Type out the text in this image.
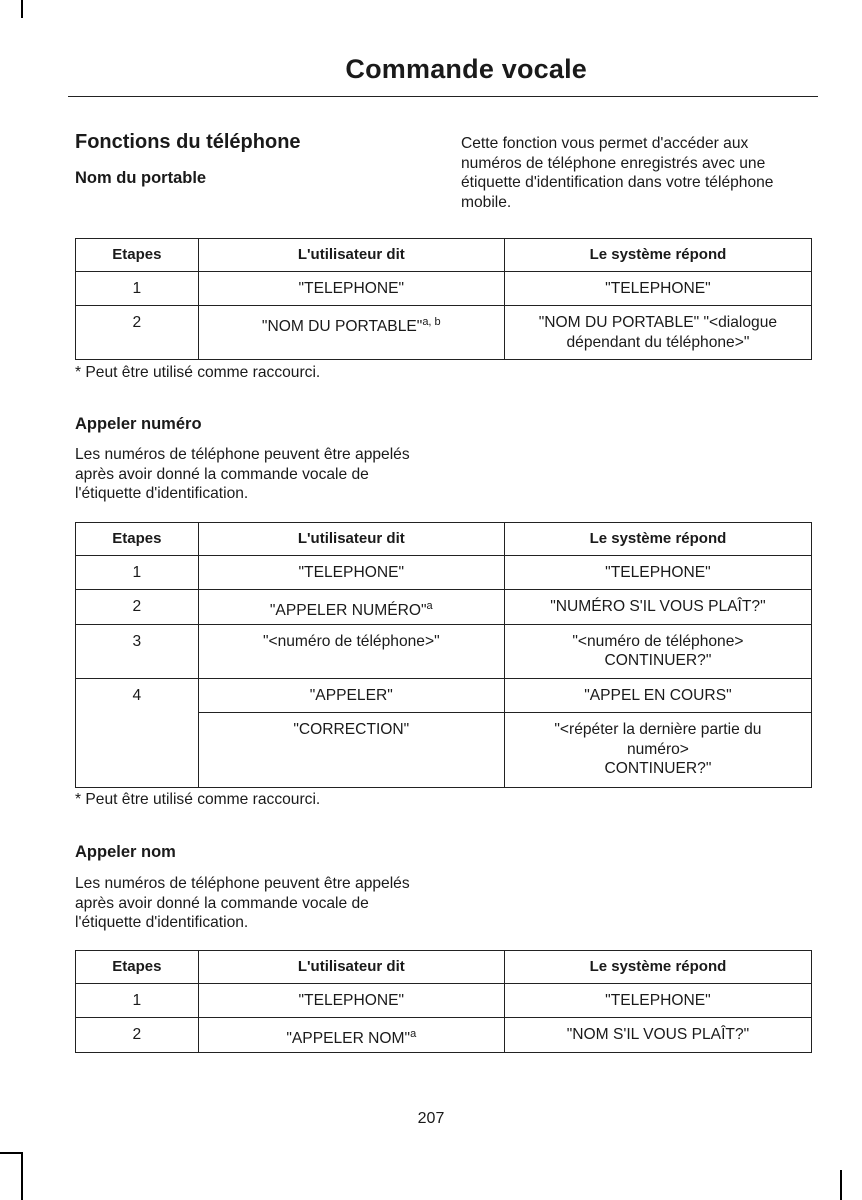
Commande vocale
Fonctions du téléphone	Cette fonction vous permet d'accéder aux numéros de téléphone enregistrés avec une étiquette d'identification dans votre téléphone mobile.
Nom du portable
Etapes	L'utilisateur dit	Le système répond
1	"TELEPHONE"	"TELEPHONE"
2	"NOM DU PORTABLE"$^{a, b}$	"NOM DU PORTABLE" "<dialogue dépendant du téléphone>"
* Peut être utilisé comme raccourci.
Appeler numéro
Les numéros de téléphone peuvent être appelés après avoir donné la commande vocale de l'étiquette d'identification.
Etapes	L'utilisateur dit	Le système répond
1	"TELEPHONE"	"TELEPHONE"
2	"APPELER NUMÉRO"$^a$	"NUMÉRO S'IL VOUS PLAÎT?"
3	"<numéro de téléphone>"	"<numéro de téléphone>
CONTINUER?"

4	"APPELER"	"APPEL EN COURS"
	"CORRECTION"	"<répéter la dernière partie du
numéro>
CONTINUER?"
* Peut être utilisé comme raccourci.
Appeler nom
Les numéros de téléphone peuvent être appelés après avoir donné la commande vocale de l'étiquette d'identification.
Etapes	L'utilisateur dit	Le système répond
1	"TELEPHONE"	"TELEPHONE"
2	"APPELER NOM"$^a$	"NOM S'IL VOUS PLAÎT?"
207
